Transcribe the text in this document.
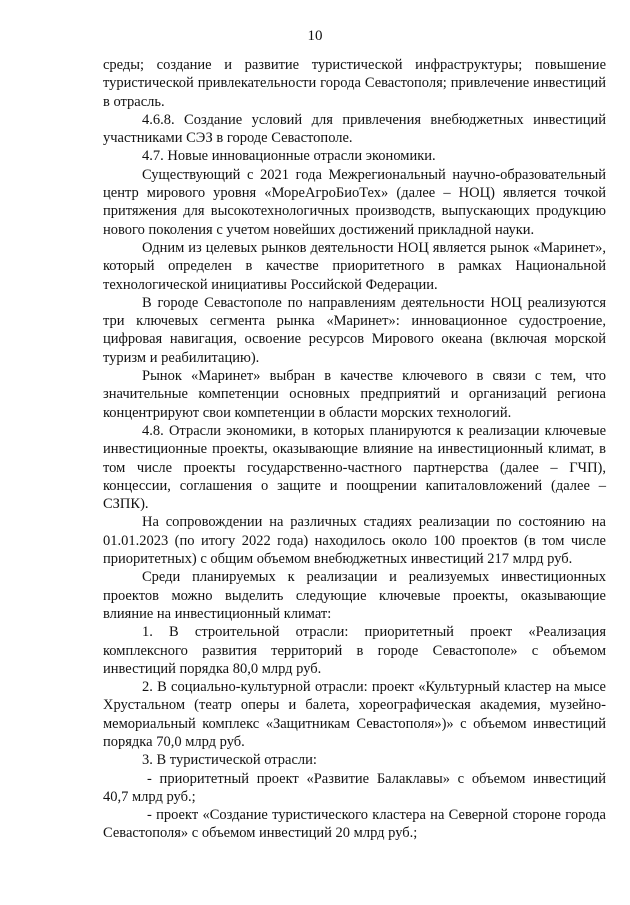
10

среды; создание и развитие туристической инфраструктуры; повышение туристической привлекательности города Севастополя; привлечение инвестиций в отрасль.

4.6.8. Создание условий для привлечения внебюджетных инвестиций участниками СЭЗ в городе Севастополе.

4.7. Новые инновационные отрасли экономики.

Существующий с 2021 года Межрегиональный научно-образовательный центр мирового уровня «МореАгроБиоТех» (далее – НОЦ) является точкой притяжения для высокотехнологичных производств, выпускающих продукцию нового поколения с учетом новейших достижений прикладной науки.

Одним из целевых рынков деятельности НОЦ является рынок «Маринет», который определен в качестве приоритетного в рамках Национальной технологической инициативы Российской Федерации.

В городе Севастополе по направлениям деятельности НОЦ реализуются три ключевых сегмента рынка «Маринет»: инновационное судостроение, цифровая навигация, освоение ресурсов Мирового океана (включая морской туризм и реабилитацию).

Рынок «Маринет» выбран в качестве ключевого в связи с тем, что значительные компетенции основных предприятий и организаций региона концентрируют свои компетенции в области морских технологий.

4.8. Отрасли экономики, в которых планируются к реализации ключевые инвестиционные проекты, оказывающие влияние на инвестиционный климат, в том числе проекты государственно-частного партнерства (далее – ГЧП), концессии, соглашения о защите и поощрении капиталовложений (далее – СЗПК).

На сопровождении на различных стадиях реализации по состоянию на 01.01.2023 (по итогу 2022 года) находилось около 100 проектов (в том числе приоритетных) с общим объемом внебюджетных инвестиций 217 млрд руб.

Среди планируемых к реализации и реализуемых инвестиционных проектов можно выделить следующие ключевые проекты, оказывающие влияние на инвестиционный климат:

1. В строительной отрасли: приоритетный проект «Реализация комплексного развития территорий в городе Севастополе» с объемом инвестиций порядка 80,0 млрд руб.

2. В социально-культурной отрасли: проект «Культурный кластер на мысе Хрустальном (театр оперы и балета, хореографическая академия, музейно-мемориальный комплекс «Защитникам Севастополя»)» с объемом инвестиций порядка 70,0 млрд руб.

3. В туристической отрасли:

- приоритетный проект «Развитие Балаклавы» с объемом инвестиций 40,7 млрд руб.;

- проект «Создание туристического кластера на Северной стороне города Севастополя» с объемом инвестиций 20 млрд руб.;
